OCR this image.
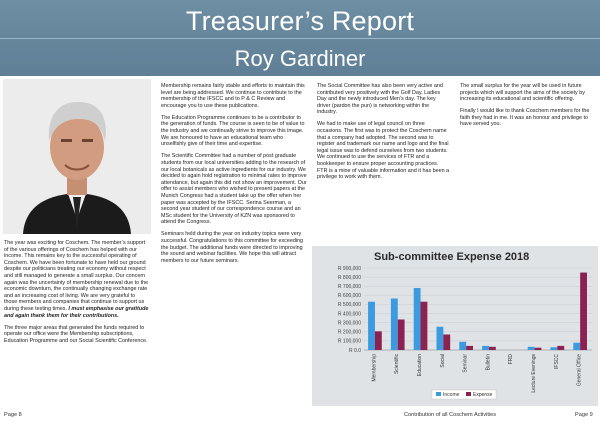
Treasurer’s Report
Roy Gardiner

The year was exciting for Coschem. The member’s support of the various offerings of Coschem has helped with our income. This remains key to the successful operating of Coschem. We have been fortunate to have held our ground despite our politicians treating our economy without respect and still managed to generate a small surplus. Our concern again was the uncertainty of membership renewal due to the economic downturn, the continually changing exchange rate and an increasing cost of living. We are very grateful to those members and companies that continue to support us during these testing times. I must emphasise our gratitude and again thank them for their contributions.

The three major areas that generated the funds required to operate our office were the Membership subscriptions, Education Programme and our Social Scientific Conference.

Membership remains fairly stable and efforts to maintain this level are being addressed. We continue to contribute to the membership of the IFSCC and to P & C Review and encourage you to use these publications.

The Education Programme continues to be a contributor to the generation of funds. The course is seen to be of value to the industry and we continually strive to improve this image. We are honoured to have an educational team who unselfishly give of their time and expertise.

The Scientific Committee had a number of post graduate students from our local universities adding to the research of our local botanicals as active ingredients for our industry. We decided to again hold registration to minimal rates to improve attendance, but again this did not show an improvement. Our offer to assist members who wished to present papers at the Munich Congress had a student take up the offer when her paper was accepted by the IFSCC. Serina Seerman, a second year student of our correspondence course and an MSc student for the University of KZN was sponsored to attend the Congress.

Seminars held during the year on industry topics were very successful. Congratulations to this committee for exceeding the budget. The additional funds were directed to improving the sound and webinar facilities. We hope this will attract members to our future seminars.

The Social Committee has also been very active and contributed very positively with the Golf Day, Ladies Day and the newly introduced Men’s day. The key driver (pardon the pun) is networking within the industry.

We had to make use of legal council on three occasions. The first was to protect the Coschem name that a company had adopted. The second was to register and trademark our name and logo and the final legal issue was to defend ourselves from two students. We continued to use the services of FTR and a bookkeeper to ensure proper accounting practices. FTR is a mine of valuable information and it has been a privilege to work with them.

The small surplus for the year will be used in future projects which will support the aims of the society by increasing its educational and scientific offering.

Finally I would like to thank Coschem members for the faith they had in me. It was an honour and privilege to have served you.

R 0.0
R 100,000
R 200,000
R 300,000
R 400,000
R 500,000
R 600,000
R 700,000
R 800,000
R 900,000
Membership	Scientific	Education	Social	Seminar	Bulletin	FRD	Lecture Evenings	IFSCC	General Office
Income	Expense
Sub-committee Expense 2018
Page 8	Contribution of all Coschem Activities	Page 9
